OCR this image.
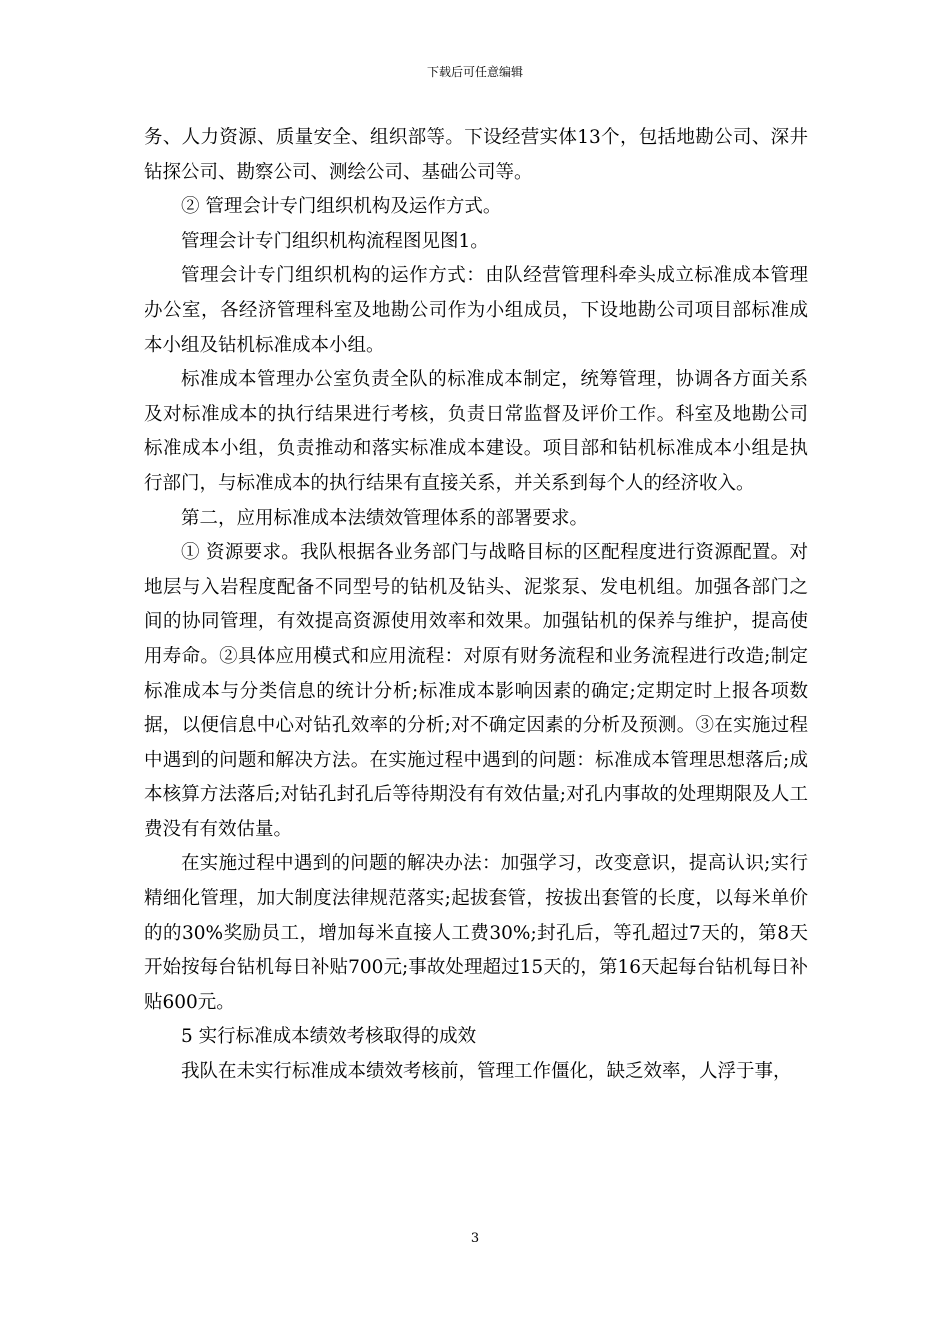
下载后可任意编辑

务、人力资源、质量安全、组织部等。下设经营实体13个，包括地勘公司、深井钻探公司、勘察公司、测绘公司、基础公司等。

② 管理会计专门组织机构及运作方式。

管理会计专门组织机构流程图见图1。

管理会计专门组织机构的运作方式：由队经营管理科牵头成立标准成本管理办公室，各经济管理科室及地勘公司作为小组成员，下设地勘公司项目部标准成本小组及钻机标准成本小组。

标准成本管理办公室负责全队的标准成本制定，统筹管理，协调各方面关系及对标准成本的执行结果进行考核，负责日常监督及评价工作。科室及地勘公司标准成本小组，负责推动和落实标准成本建设。项目部和钻机标准成本小组是执行部门，与标准成本的执行结果有直接关系，并关系到每个人的经济收入。

第二，应用标准成本法绩效管理体系的部署要求。

① 资源要求。我队根据各业务部门与战略目标的区配程度进行资源配置。对地层与入岩程度配备不同型号的钻机及钻头、泥浆泵、发电机组。加强各部门之间的协同管理，有效提高资源使用效率和效果。加强钻机的保养与维护，提高使用寿命。②具体应用模式和应用流程：对原有财务流程和业务流程进行改造;制定标准成本与分类信息的统计分析;标准成本影响因素的确定;定期定时上报各项数据，以便信息中心对钻孔效率的分析;对不确定因素的分析及预测。③在实施过程中遇到的问题和解决方法。在实施过程中遇到的问题：标准成本管理思想落后;成本核算方法落后;对钻孔封孔后等待期没有有效估量;对孔内事故的处理期限及人工费没有有效估量。

在实施过程中遇到的问题的解决办法：加强学习，改变意识，提高认识;实行精细化管理，加大制度法律规范落实;起拔套管，按拔出套管的长度，以每米单价的的30%奖励员工，增加每米直接人工费30%;封孔后，等孔超过7天的，第8天开始按每台钻机每日补贴700元;事故处理超过15天的，第16天起每台钻机每日补贴600元。

5 实行标准成本绩效考核取得的成效

我队在未实行标准成本绩效考核前，管理工作僵化，缺乏效率，人浮于事，

3
